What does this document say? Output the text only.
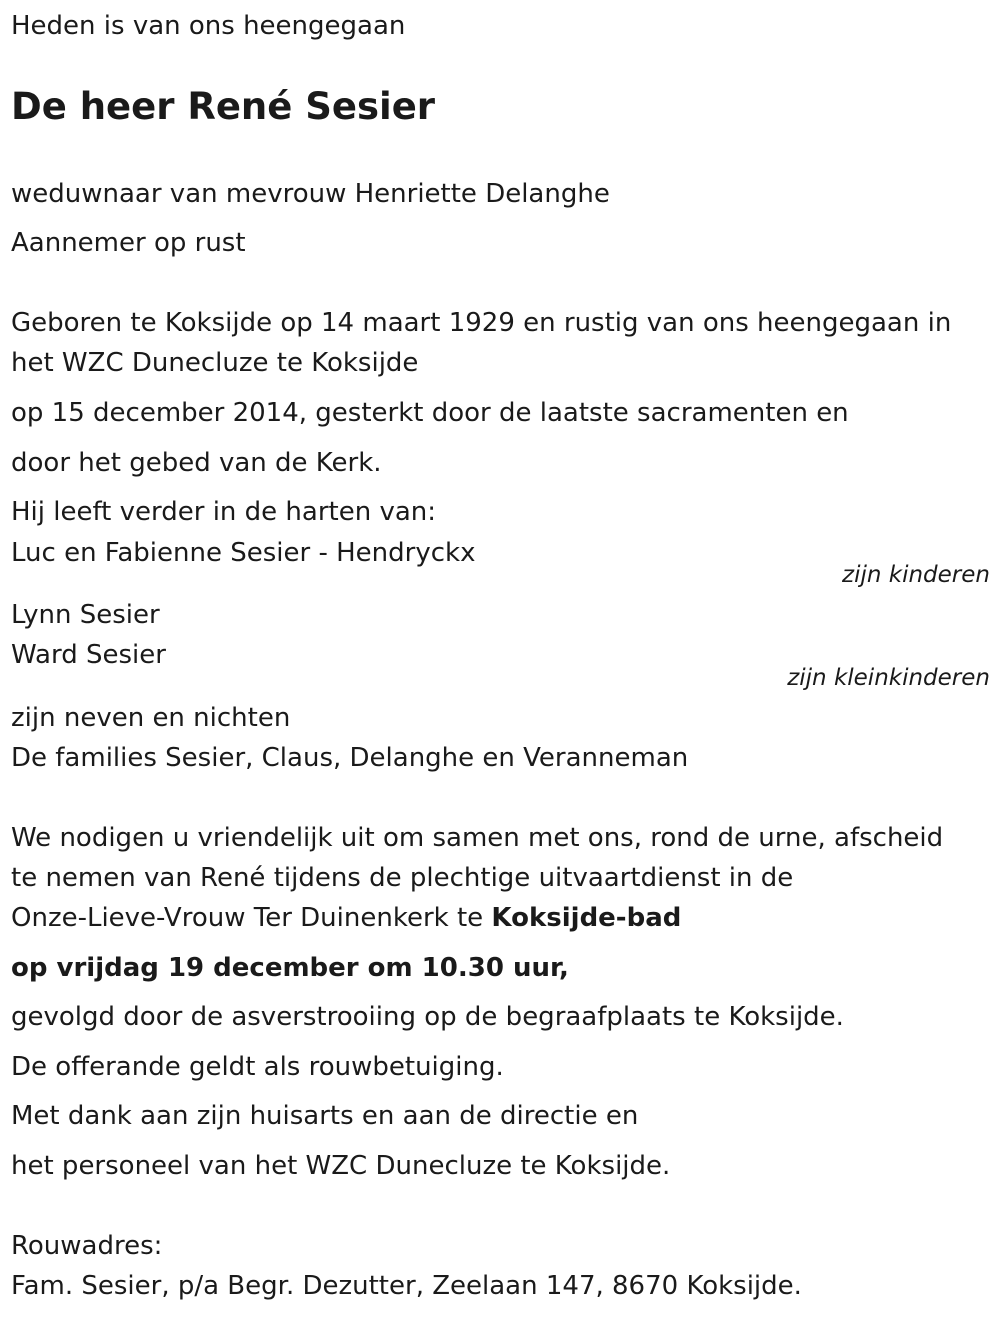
Heden is van ons heengegaan
De heer René Sesier
weduwnaar van mevrouw Henriette Delanghe
Aannemer op rust
Geboren te Koksijde op 14 maart 1929 en rustig van ons heengegaan in
het WZC Dunecluze te Koksijde
op 15 december 2014, gesterkt door de laatste sacramenten en
door het gebed van de Kerk.
Hij leeft verder in de harten van:
Luc en Fabienne Sesier - Hendryckx
zijn kinderen
Lynn Sesier
Ward Sesier
zijn kleinkinderen
zijn neven en nichten
De families Sesier, Claus, Delanghe en Veranneman
We nodigen u vriendelijk uit om samen met ons, rond de urne, afscheid
te nemen van René tijdens de plechtige uitvaartdienst in de
Onze-Lieve-Vrouw Ter Duinenkerk te Koksijde-bad
op vrijdag 19 december om 10.30 uur,
gevolgd door de asverstrooiing op de begraafplaats te Koksijde.
De offerande geldt als rouwbetuiging.
Met dank aan zijn huisarts en aan de directie en
het personeel van het WZC Dunecluze te Koksijde.
Rouwadres:
Fam. Sesier, p/a Begr. Dezutter, Zeelaan 147, 8670 Koksijde.
